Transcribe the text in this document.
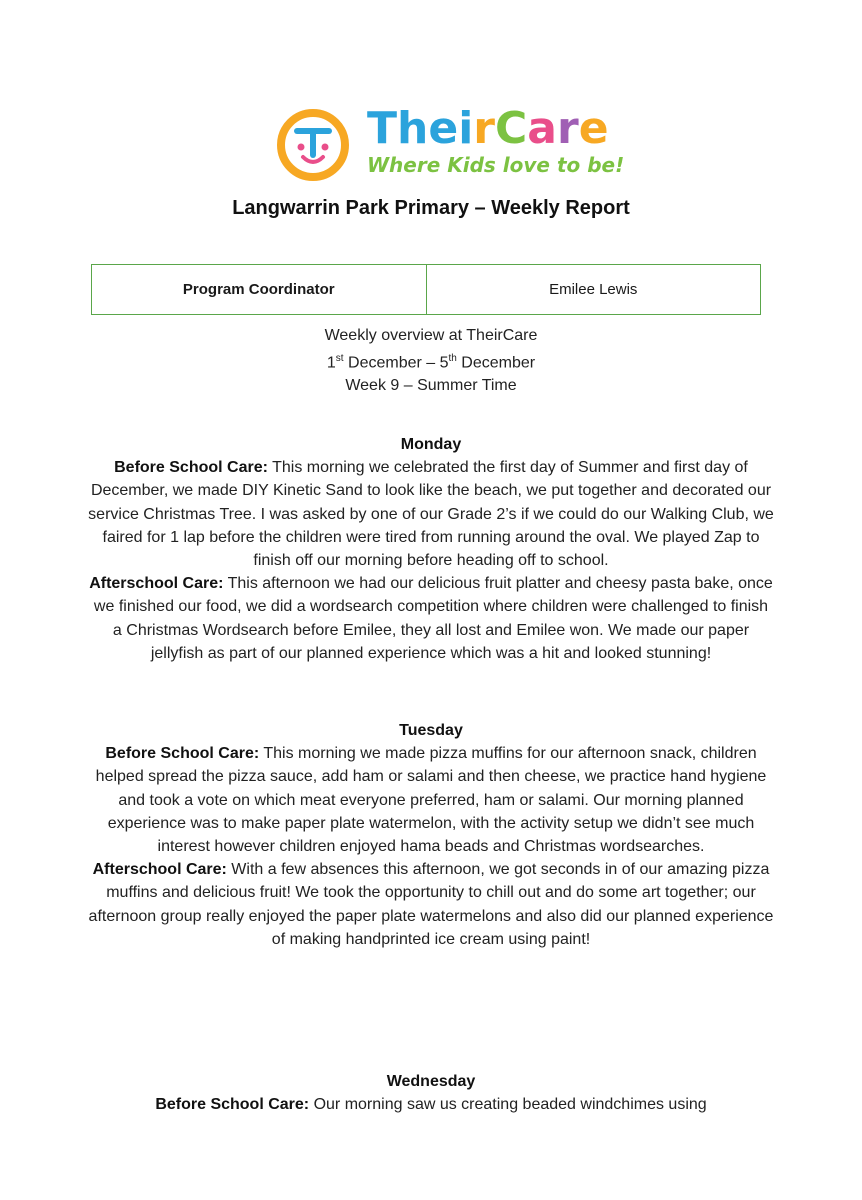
TheirCare
Where Kids love to be!
Langwarrin Park Primary – Weekly Report
Program Coordinator	Emilee Lewis
Weekly overview at TheirCare
1st December – 5th December
Week 9 – Summer Time
Monday
Before School Care: This morning we celebrated the first day of Summer and first day of December, we made DIY Kinetic Sand to look like the beach, we put together and decorated our service Christmas Tree. I was asked by one of our Grade 2’s if we could do our Walking Club, we faired for 1 lap before the children were tired from running around the oval. We played Zap to finish off our morning before heading off to school.
Afterschool Care: This afternoon we had our delicious fruit platter and cheesy pasta bake, once we finished our food, we did a wordsearch competition where children were challenged to finish a Christmas Wordsearch before Emilee, they all lost and Emilee won. We made our paper jellyfish as part of our planned experience which was a hit and looked stunning!
Tuesday
Before School Care: This morning we made pizza muffins for our afternoon snack, children helped spread the pizza sauce, add ham or salami and then cheese, we practice hand hygiene and took a vote on which meat everyone preferred, ham or salami. Our morning planned experience was to make paper plate watermelon, with the activity setup we didn’t see much interest however children enjoyed hama beads and Christmas wordsearches.
Afterschool Care: With a few absences this afternoon, we got seconds in of our amazing pizza muffins and delicious fruit! We took the opportunity to chill out and do some art together; our afternoon group really enjoyed the paper plate watermelons and also did our planned experience of making handprinted ice cream using paint!
Wednesday
Before School Care: Our morning saw us creating beaded windchimes using
